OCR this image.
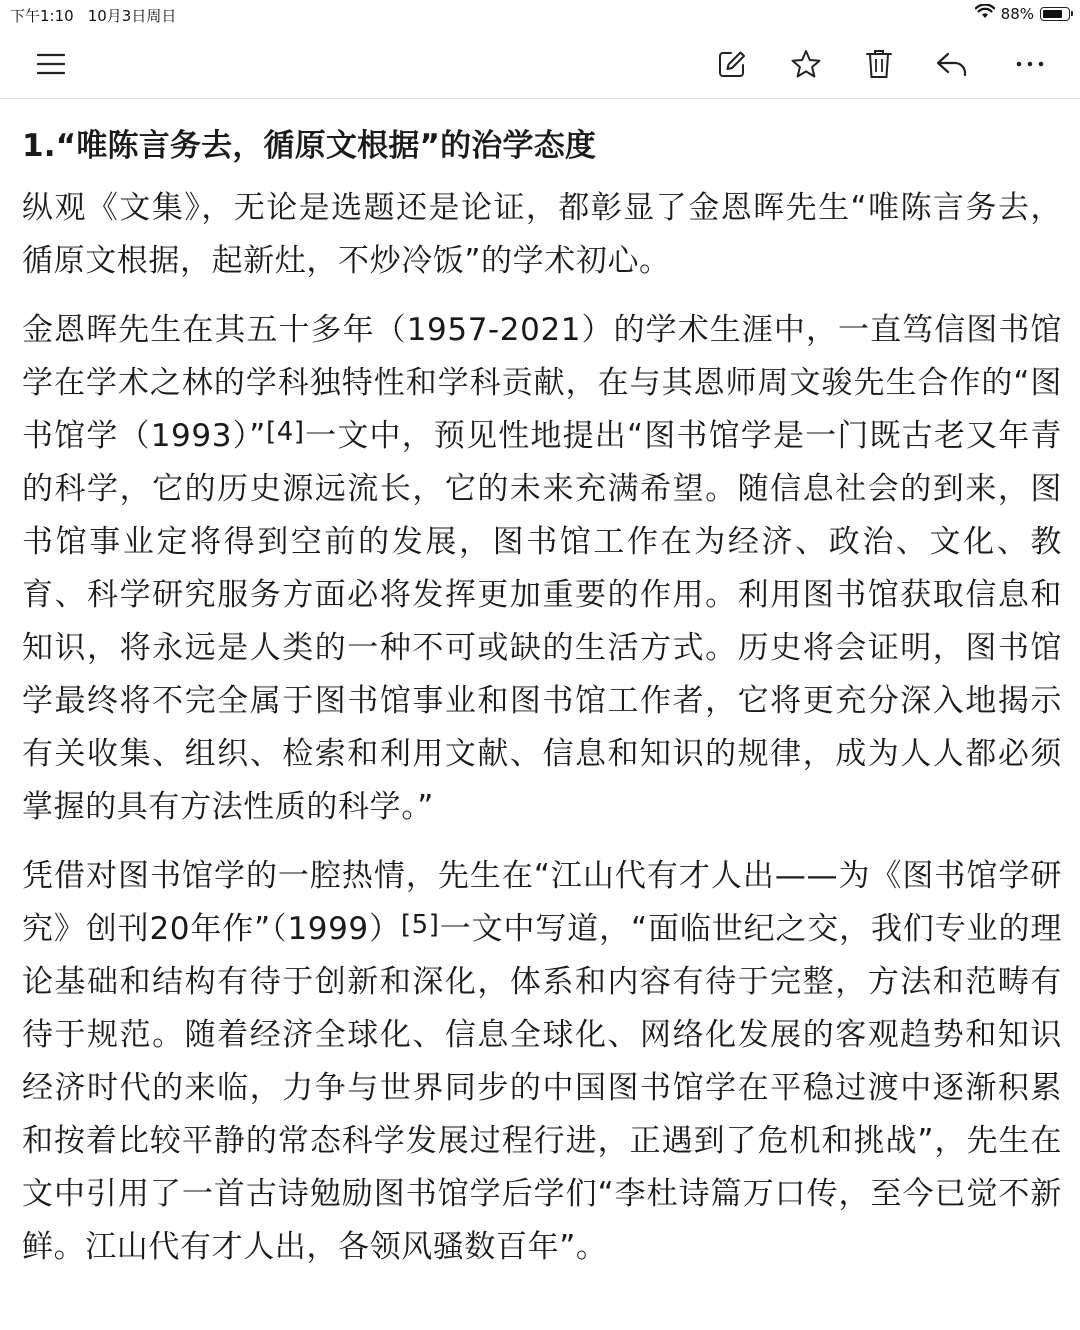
下午1:10 10月3日周日	88%
1.“唯陈言务去，循原文根据”的治学态度

纵观《文集》，无论是选题还是论证，都彰显了金恩晖先生“唯陈言务去，循原文根据，起新灶，不炒冷饭”的学术初心。

金恩晖先生在其五十多年（1957-2021）的学术生涯中，一直笃信图书馆学在学术之林的学科独特性和学科贡献，在与其恩师周文骏先生合作的“图书馆学（1993）”[4]一文中，预见性地提出“图书馆学是一门既古老又年青的科学，它的历史源远流长，它的未来充满希望。随信息社会的到来，图书馆事业定将得到空前的发展，图书馆工作在为经济、政治、文化、教育、科学研究服务方面必将发挥更加重要的作用。利用图书馆获取信息和知识，将永远是人类的一种不可或缺的生活方式。历史将会证明，图书馆学最终将不完全属于图书馆事业和图书馆工作者，它将更充分深入地揭示有关收集、组织、检索和利用文献、信息和知识的规律，成为人人都必须掌握的具有方法性质的科学。”

凭借对图书馆学的一腔热情，先生在“江山代有才人出——为《图书馆学研究》创刊20年作”（1999）[5]一文中写道，“面临世纪之交，我们专业的理论基础和结构有待于创新和深化，体系和内容有待于完整，方法和范畴有待于规范。随着经济全球化、信息全球化、网络化发展的客观趋势和知识经济时代的来临，力争与世界同步的中国图书馆学在平稳过渡中逐渐积累和按着比较平静的常态科学发展过程行进，正遇到了危机和挑战”，先生在文中引用了一首古诗勉励图书馆学后学们“李杜诗篇万口传，至今已觉不新鲜。江山代有才人出，各领风骚数百年”。
